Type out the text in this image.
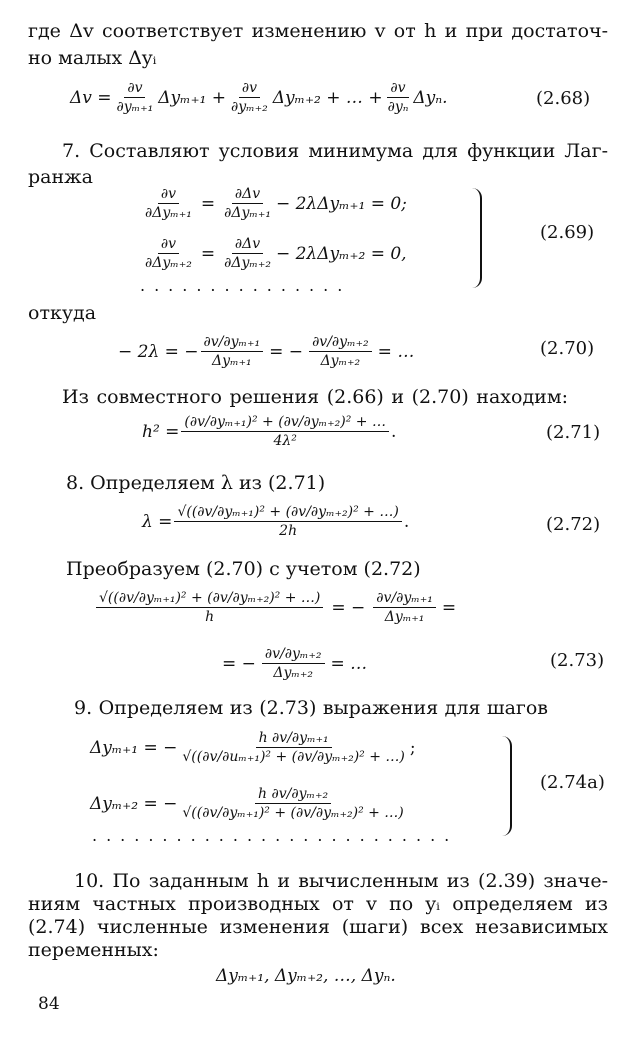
где Δv соответствует изменению v от h и при достаточ-
но малых Δyᵢ
$\Delta v = \frac{\partial v}{\text{∂yₘ₊₁}} \Delta y_{m+1} + \frac{\partial v}{\text{∂yₘ₊₂}} \Delta y_{m+2}$ + … + $\frac{\partial v}{\text{∂yₙ}} \Delta y_n$.	(2.68)
7. Составляют условия минимума для функции Лаг-
ранжа
$\frac{\partial v}{\text{∂Δyₘ₊₁}} = \frac{\partial\Delta v}{\text{∂Δyₘ₊₁}} - 2\lambda\Delta y_{m+1} = 0$;
$\frac{\partial v}{\text{∂Δyₘ₊₂}} = \frac{\partial\Delta v}{\text{∂Δyₘ₊₂}} - 2\lambda\Delta y_{m+2} = 0$,
...............
(2.69)
откуда
− 2λ = − $\frac{\text{∂v/∂yₘ₊₁}}{\text{Δyₘ₊₁}}$ = − $\frac{\text{∂v/∂yₘ₊₂}}{\text{Δyₘ₊₂}}$ = …	(2.70)
Из совместного решения (2.66) и (2.70) находим:
$h^2 = \frac{\text{(∂v/∂yₘ₊₁)² + (∂v/∂yₘ₊₂)² + …}}{\text{4λ²}}$ .	(2.71)
8. Определяем λ из (2.71)
$\lambda = \frac{\text{√((∂v/∂yₘ₊₁)² + (∂v/∂yₘ₊₂)² + …)}}{2h}$ .	(2.72)
Преобразуем (2.70) с учетом (2.72)
$\frac{\text{√((∂v/∂yₘ₊₁)² + (∂v/∂yₘ₊₂)² + …)}}{h}$ = − $\frac{\text{∂v/∂yₘ₊₁}}{\text{Δyₘ₊₁}}$ =
= − $\frac{\text{∂v/∂yₘ₊₂}}{\text{Δyₘ₊₂}}$ = …	(2.73)
9. Определяем из (2.73) выражения для шагов
Δyₘ₊₁ = − $\frac{\text{h ∂v/∂yₘ₊₁}}{\text{√((∂v/∂uₘ₊₁)² + (∂v/∂yₘ₊₂)² + …)}}$ ;
Δyₘ₊₂ = − $\frac{\text{h ∂v/∂yₘ₊₂}}{\text{√((∂v/∂yₘ₊₁)² + (∂v/∂yₘ₊₂)² + …)}}$
..........................
(2.74a)
10. По заданным h и вычисленным из (2.39) значе-
ниям частных производных от v по yᵢ определяем из
(2.74) численные изменения (шаги) всех независимых
переменных:
Δyₘ₊₁, Δyₘ₊₂, …, Δyₙ.
84
